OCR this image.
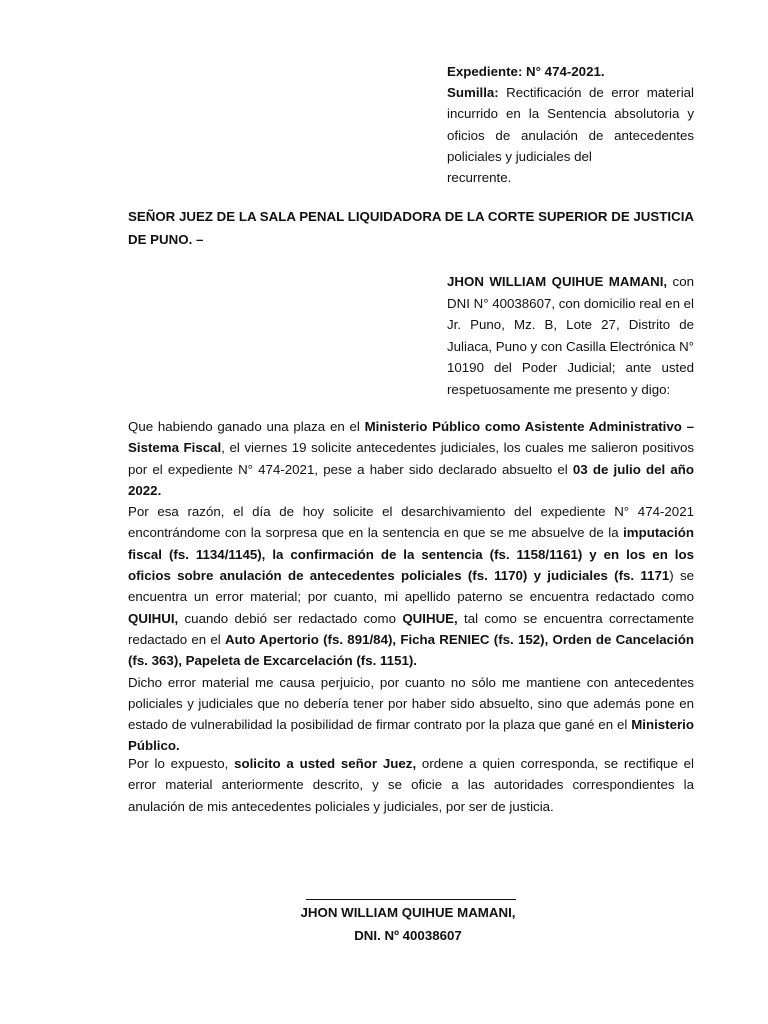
Expediente: N° 474-2021.

Sumilla: Rectificación de error material incurrido en la Sentencia absolutoria y oficios de anulación de antecedentes policiales y judiciales del

recurrente.

SEÑOR JUEZ DE LA SALA PENAL LIQUIDADORA DE LA CORTE SUPERIOR DE JUSTICIA DE PUNO. –

JHON WILLIAM QUIHUE MAMANI, con DNI N° 40038607, con domicilio real en el Jr. Puno, Mz. B, Lote 27, Distrito de Juliaca, Puno y con Casilla Electrónica N° 10190 del Poder Judicial; ante usted respetuosamente me presento y digo:

Que habiendo ganado una plaza en el Ministerio Público como Asistente Administrativo – Sistema Fiscal, el viernes 19 solicite antecedentes judiciales, los cuales me salieron positivos por el expediente N° 474-2021, pese a haber sido declarado absuelto el 03 de julio del año 2022.

Por esa razón, el día de hoy solicite el desarchivamiento del expediente N° 474-2021 encontrándome con la sorpresa que en la sentencia en que se me absuelve de la imputación fiscal (fs. 1134/1145), la confirmación de la sentencia (fs. 1158/1161) y en los en los oficios sobre anulación de antecedentes policiales (fs. 1170) y judiciales (fs. 1171) se encuentra un error material; por cuanto, mi apellido paterno se encuentra redactado como QUIHUI, cuando debió ser redactado como QUIHUE, tal como se encuentra correctamente redactado en el Auto Apertorio (fs. 891/84), Ficha RENIEC (fs. 152), Orden de Cancelación (fs. 363), Papeleta de Excarcelación (fs. 1151).

Dicho error material me causa perjuicio, por cuanto no sólo me mantiene con antecedentes policiales y judiciales que no debería tener por haber sido absuelto, sino que además pone en estado de vulnerabilidad la posibilidad de firmar contrato por la plaza que gané en el Ministerio Público.

Por lo expuesto, solicito a usted señor Juez, ordene a quien corresponda, se rectifique el error material anteriormente descrito, y se oficie a las autoridades correspondientes la anulación de mis antecedentes policiales y judiciales, por ser de justicia.

JHON WILLIAM QUIHUE MAMANI,
DNI. Nº 40038607
